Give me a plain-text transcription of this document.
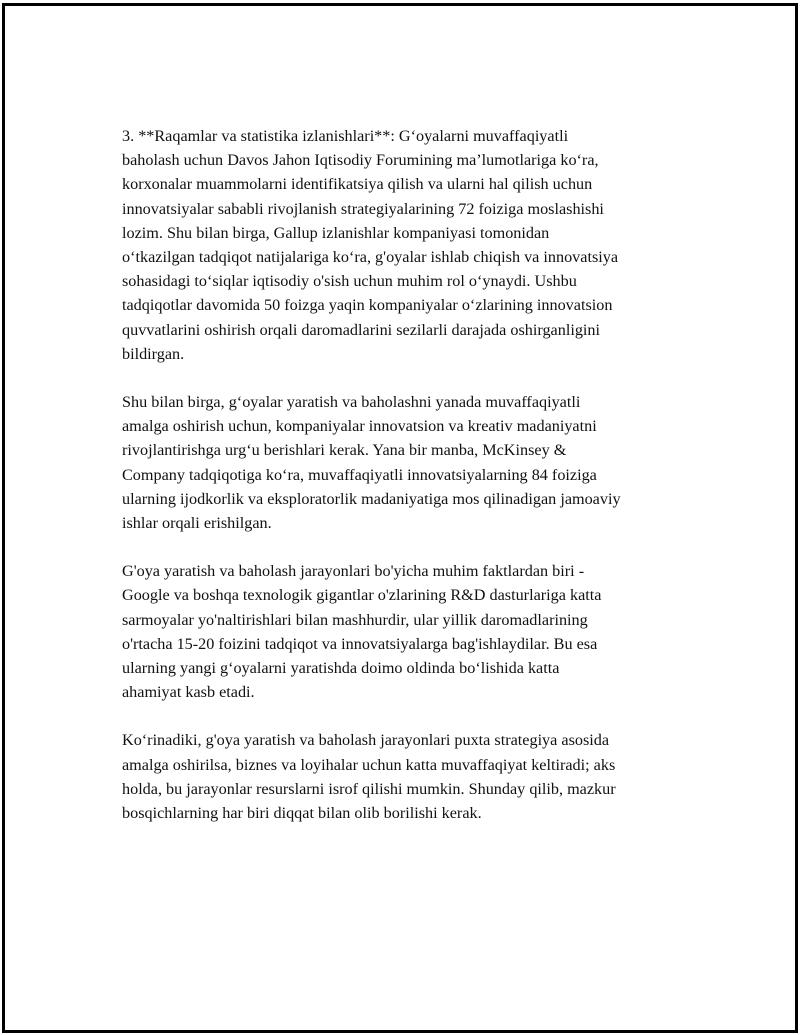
3. **Raqamlar va statistika izlanishlari**: G‘oyalarni muvaffaqiyatli
baholash uchun Davos Jahon Iqtisodiy Forumining ma’lumotlariga ko‘ra,
korxonalar muammolarni identifikatsiya qilish va ularni hal qilish uchun
innovatsiyalar sababli rivojlanish strategiyalarining 72 foiziga moslashishi
lozim. Shu bilan birga, Gallup izlanishlar kompaniyasi tomonidan
o‘tkazilgan tadqiqot natijalariga ko‘ra, g'oyalar ishlab chiqish va innovatsiya
sohasidagi to‘siqlar iqtisodiy o'sish uchun muhim rol o‘ynaydi. Ushbu
tadqiqotlar davomida 50 foizga yaqin kompaniyalar o‘zlarining innovatsion
quvvatlarini oshirish orqali daromadlarini sezilarli darajada oshirganligini
bildirgan.

Shu bilan birga, g‘oyalar yaratish va baholashni yanada muvaffaqiyatli
amalga oshirish uchun, kompaniyalar innovatsion va kreativ madaniyatni
rivojlantirishga urg‘u berishlari kerak. Yana bir manba, McKinsey &
Company tadqiqotiga ko‘ra, muvaffaqiyatli innovatsiyalarning 84 foiziga
ularning ijodkorlik va eksploratorlik madaniyatiga mos qilinadigan jamoaviy
ishlar orqali erishilgan.

G'oya yaratish va baholash jarayonlari bo'yicha muhim faktlardan biri -
Google va boshqa texnologik gigantlar o'zlarining R&D dasturlariga katta
sarmoyalar yo'naltirishlari bilan mashhurdir, ular yillik daromadlarining
o'rtacha 15-20 foizini tadqiqot va innovatsiyalarga bag'ishlaydilar. Bu esa
ularning yangi g‘oyalarni yaratishda doimo oldinda bo‘lishida katta
ahamiyat kasb etadi.

Ko‘rinadiki, g'oya yaratish va baholash jarayonlari puxta strategiya asosida
amalga oshirilsa, biznes va loyihalar uchun katta muvaffaqiyat keltiradi; aks
holda, bu jarayonlar resurslarni isrof qilishi mumkin. Shunday qilib, mazkur
bosqichlarning har biri diqqat bilan olib borilishi kerak.
